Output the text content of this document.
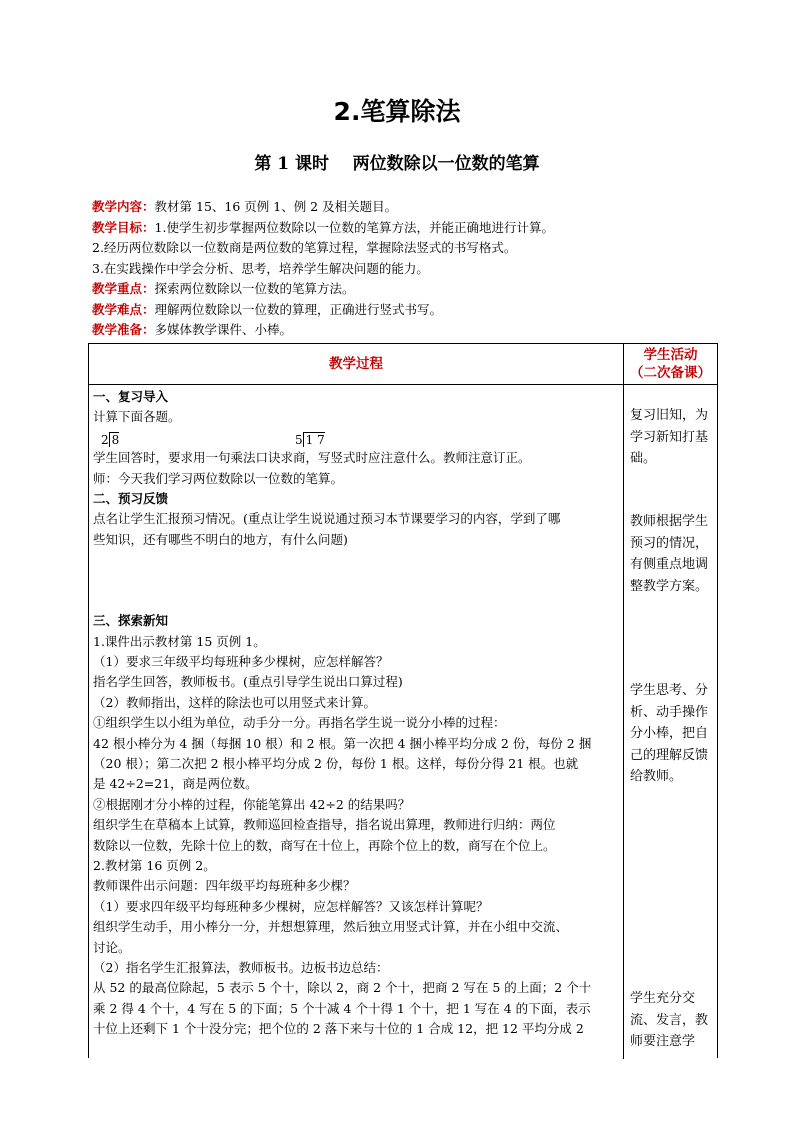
2.笔算除法
第 1 课时    两位数除以一位数的笔算
教学内容：教材第 15、16 页例 1、例 2 及相关题目。
教学目标：1.使学生初步掌握两位数除以一位数的笔算方法，并能正确地进行计算。
2.经历两位数除以一位数商是两位数的笔算过程，掌握除法竖式的书写格式。
3.在实践操作中学会分析、思考，培养学生解决问题的能力。
教学重点：探索两位数除以一位数的笔算方法。
教学难点：理解两位数除以一位数的算理，正确进行竖式书写。
教学准备：多媒体教学课件、小棒。
教学过程
学生活动
（二次备课）
一、复习导入
计算下面各题。
2 8	5 1 7
学生回答时，要求用一句乘法口诀求商，写竖式时应注意什么。教师注意订正。
师：今天我们学习两位数除以一位数的笔算。
二、预习反馈
点名让学生汇报预习情况。(重点让学生说说通过预习本节课要学习的内容，学到了哪
些知识，还有哪些不明白的地方，有什么问题)
三、探索新知
1.课件出示教材第 15 页例 1。
（1）要求三年级平均每班种多少棵树，应怎样解答？
指名学生回答，教师板书。(重点引导学生说出口算过程)
（2）教师指出，这样的除法也可以用竖式来计算。
①组织学生以小组为单位，动手分一分。再指名学生说一说分小棒的过程：
42 根小棒分为 4 捆（每捆 10 根）和 2 根。第一次把 4 捆小棒平均分成 2 份，每份 2 捆
（20 根）；第二次把 2 根小棒平均分成 2 份，每份 1 根。这样，每份分得 21 根。也就
是 42÷2=21，商是两位数。
②根据刚才分小棒的过程，你能笔算出 42÷2 的结果吗？
组织学生在草稿本上试算，教师巡回检查指导，指名说出算理，教师进行归纳：两位
数除以一位数，先除十位上的数，商写在十位上，再除个位上的数，商写在个位上。
2.教材第 16 页例 2。
教师课件出示问题：四年级平均每班种多少棵？
（1）要求四年级平均每班种多少棵树，应怎样解答？又该怎样计算呢？
组织学生动手，用小棒分一分，并想想算理，然后独立用竖式计算，并在小组中交流、
讨论。
（2）指名学生汇报算法，教师板书。边板书边总结：
从 52 的最高位除起，5 表示 5 个十，除以 2，商 2 个十，把商 2 写在 5 的上面；2 个十
乘 2 得 4 个十，4 写在 5 的下面；5 个十减 4 个十得 1 个十，把 1 写在 4 的下面，表示
十位上还剩下 1 个十没分完；把个位的 2 落下来与十位的 1 合成 12，把 12 平均分成 2
复习旧知，为学习新知打基础。
教师根据学生预习的情况，有侧重点地调整教学方案。
学生思考、分析、动手操作分小棒，把自己的理解反馈给教师。
学生充分交流、发言，教师要注意学
